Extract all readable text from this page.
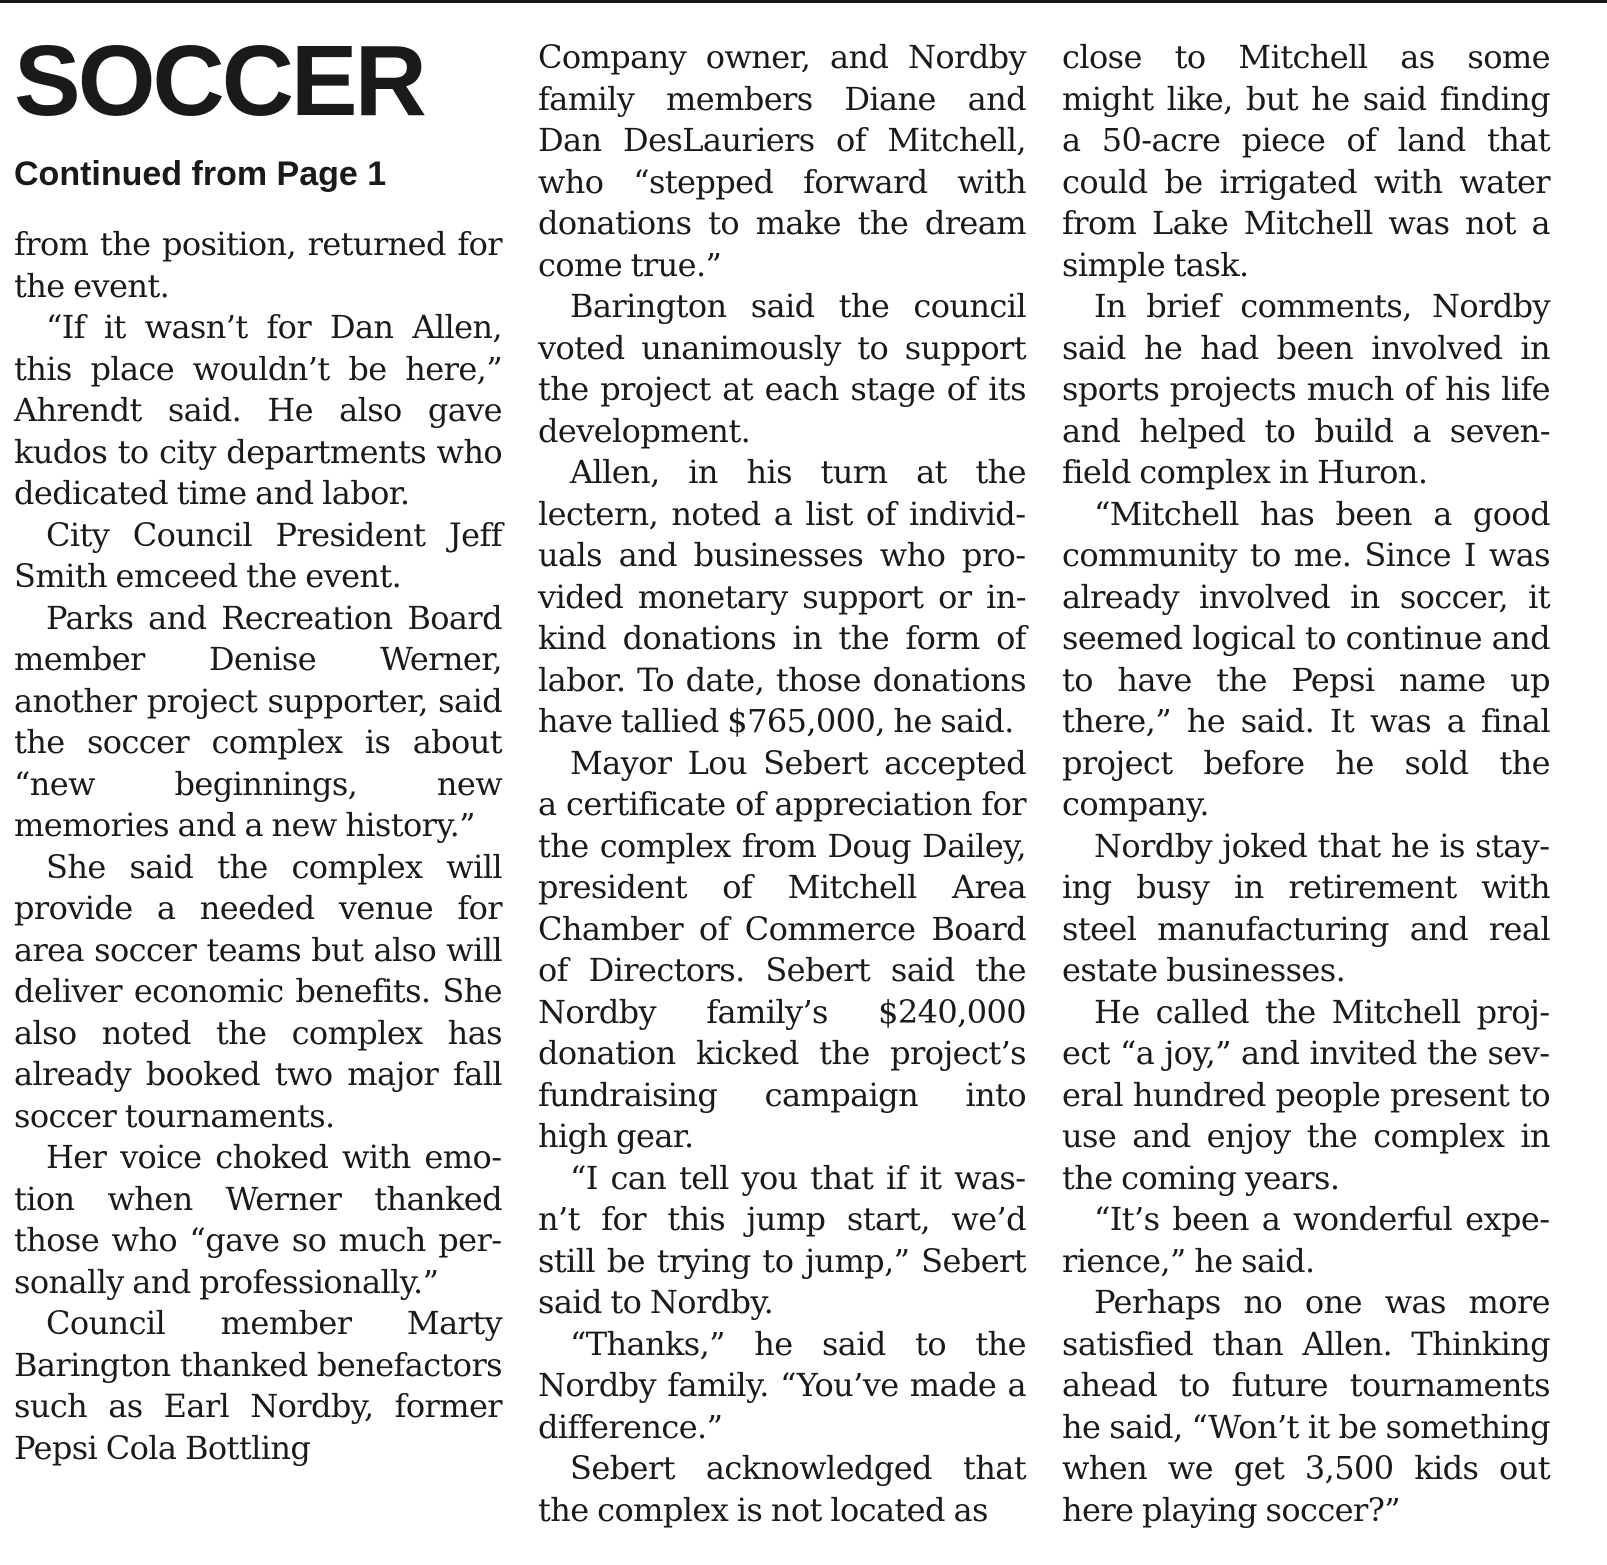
SOCCER
Continued from Page 1

from the position, returned for the event.

“If it wasn’t for Dan Allen, this place wouldn’t be here,” Ahrendt said. He also gave kudos to city departments who dedicated time and labor.

City Council President Jeff Smith emceed the event.

Parks and Recreation Board member Denise Werner, another project supporter, said the soccer complex is about “new beginnings, new memories and a new history.”

She said the complex will provide a needed venue for area soccer teams but also will deliver economic benefits. She also noted the complex has already booked two major fall soccer tournaments.

Her voice choked with emotion when Werner thanked those who “gave so much personally and professionally.”

Council member Marty Barington thanked benefactors such as Earl Nordby, former Pepsi Cola Bottling

Company owner, and Nordby family members Diane and Dan DesLauriers of Mitchell, who “stepped forward with donations to make the dream come true.”

Barington said the council voted unanimously to support the project at each stage of its development.

Allen, in his turn at the lectern, noted a list of individuals and businesses who provided monetary support or in-kind donations in the form of labor. To date, those donations have tallied $765,000, he said.

Mayor Lou Sebert accepted a certificate of appreciation for the complex from Doug Dailey, president of Mitchell Area Chamber of Commerce Board of Directors. Sebert said the Nordby family’s $240,000 donation kicked the project’s fundraising campaign into high gear.

“I can tell you that if it wasn’t for this jump start, we’d still be trying to jump,” Sebert said to Nordby.

“Thanks,” he said to the Nordby family. “You’ve made a difference.”

Sebert acknowledged that the complex is not located as

close to Mitchell as some might like, but he said finding a 50-acre piece of land that could be irrigated with water from Lake Mitchell was not a simple task.

In brief comments, Nordby said he had been involved in sports projects much of his life and helped to build a seven-field complex in Huron.

“Mitchell has been a good community to me. Since I was already involved in soccer, it seemed logical to continue and to have the Pepsi name up there,” he said. It was a final project before he sold the company.

Nordby joked that he is staying busy in retirement with steel manufacturing and real estate businesses.

He called the Mitchell project “a joy,” and invited the several hundred people present to use and enjoy the complex in the coming years.

“It’s been a wonderful experience,” he said.

Perhaps no one was more satisfied than Allen. Thinking ahead to future tournaments he said, “Won’t it be something when we get 3,500 kids out here playing soccer?”
